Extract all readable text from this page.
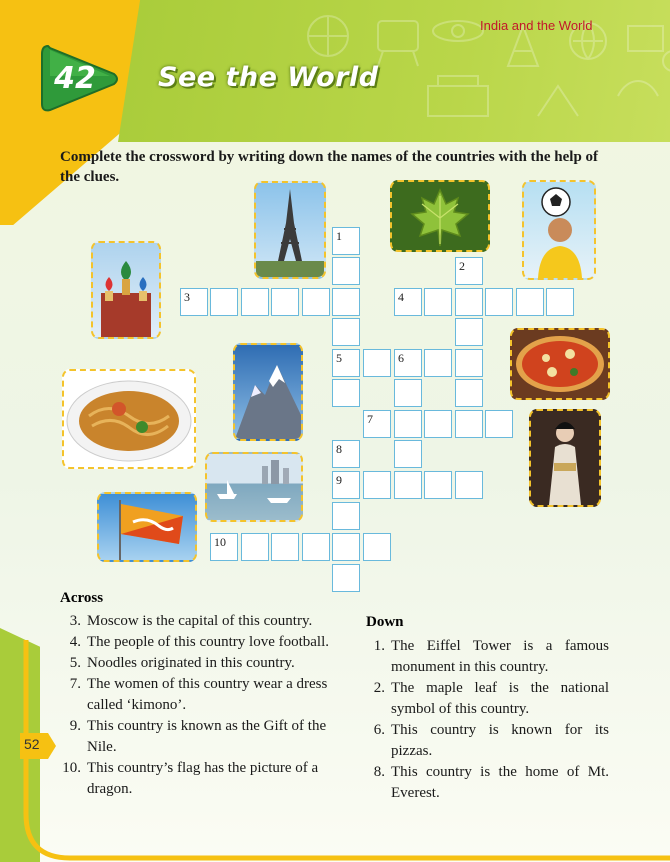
India and the World
42	See the World
Complete the crossword by writing down the names of the countries with the help of the clues.
1
2
3	4
5	6
7
8
9
10
Across
3. Moscow is the capital of this country.
4. The people of this country love football.
5. Noodles originated in this country.
7. The women of this country wear a dress called ‘kimono’.
9. This country is known as the Gift of the Nile.
10. This country’s flag has the picture of a dragon.
Down
1. The Eiffel Tower is a famous monument in this country.
2. The maple leaf is the national symbol of this country.
6. This country is known for its pizzas.
8. This country is the home of Mt. Everest.
52
